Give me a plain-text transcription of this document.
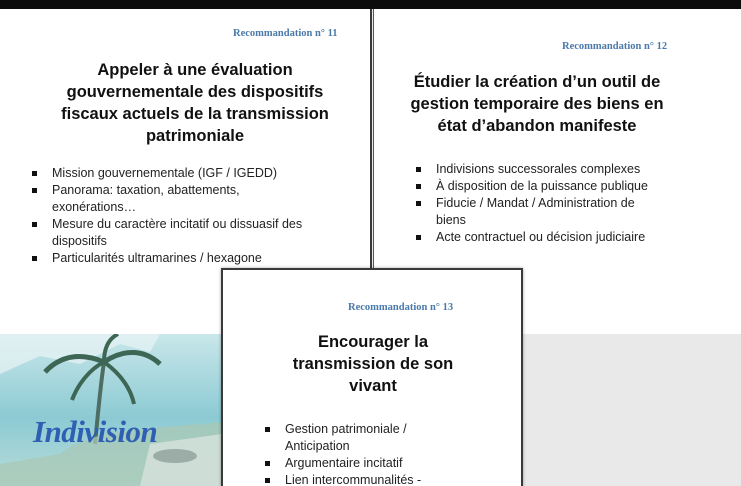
Recommandation n° 11
Appeler à une évaluation
gouvernementale des dispositifs
fiscaux actuels de la transmission
patrimoniale
Mission gouvernementale (IGF / IGEDD)
Panorama: taxation, abattements,
exonérations…
Mesure du caractère incitatif ou dissuasif des
dispositifs
Particularités ultramarines / hexagone
Recommandation n° 12
Étudier la création d’un outil de
gestion temporaire des biens en
état d’abandon manifeste
Indivisions successorales complexes
À disposition de la puissance publique
Fiducie / Mandat / Administration de
biens
Acte contractuel ou décision judiciaire
Indivision
Recommandation n° 13
Encourager la
transmission de son
vivant
Gestion patrimoniale /
Anticipation
Argumentaire incitatif
Lien intercommunalités -
